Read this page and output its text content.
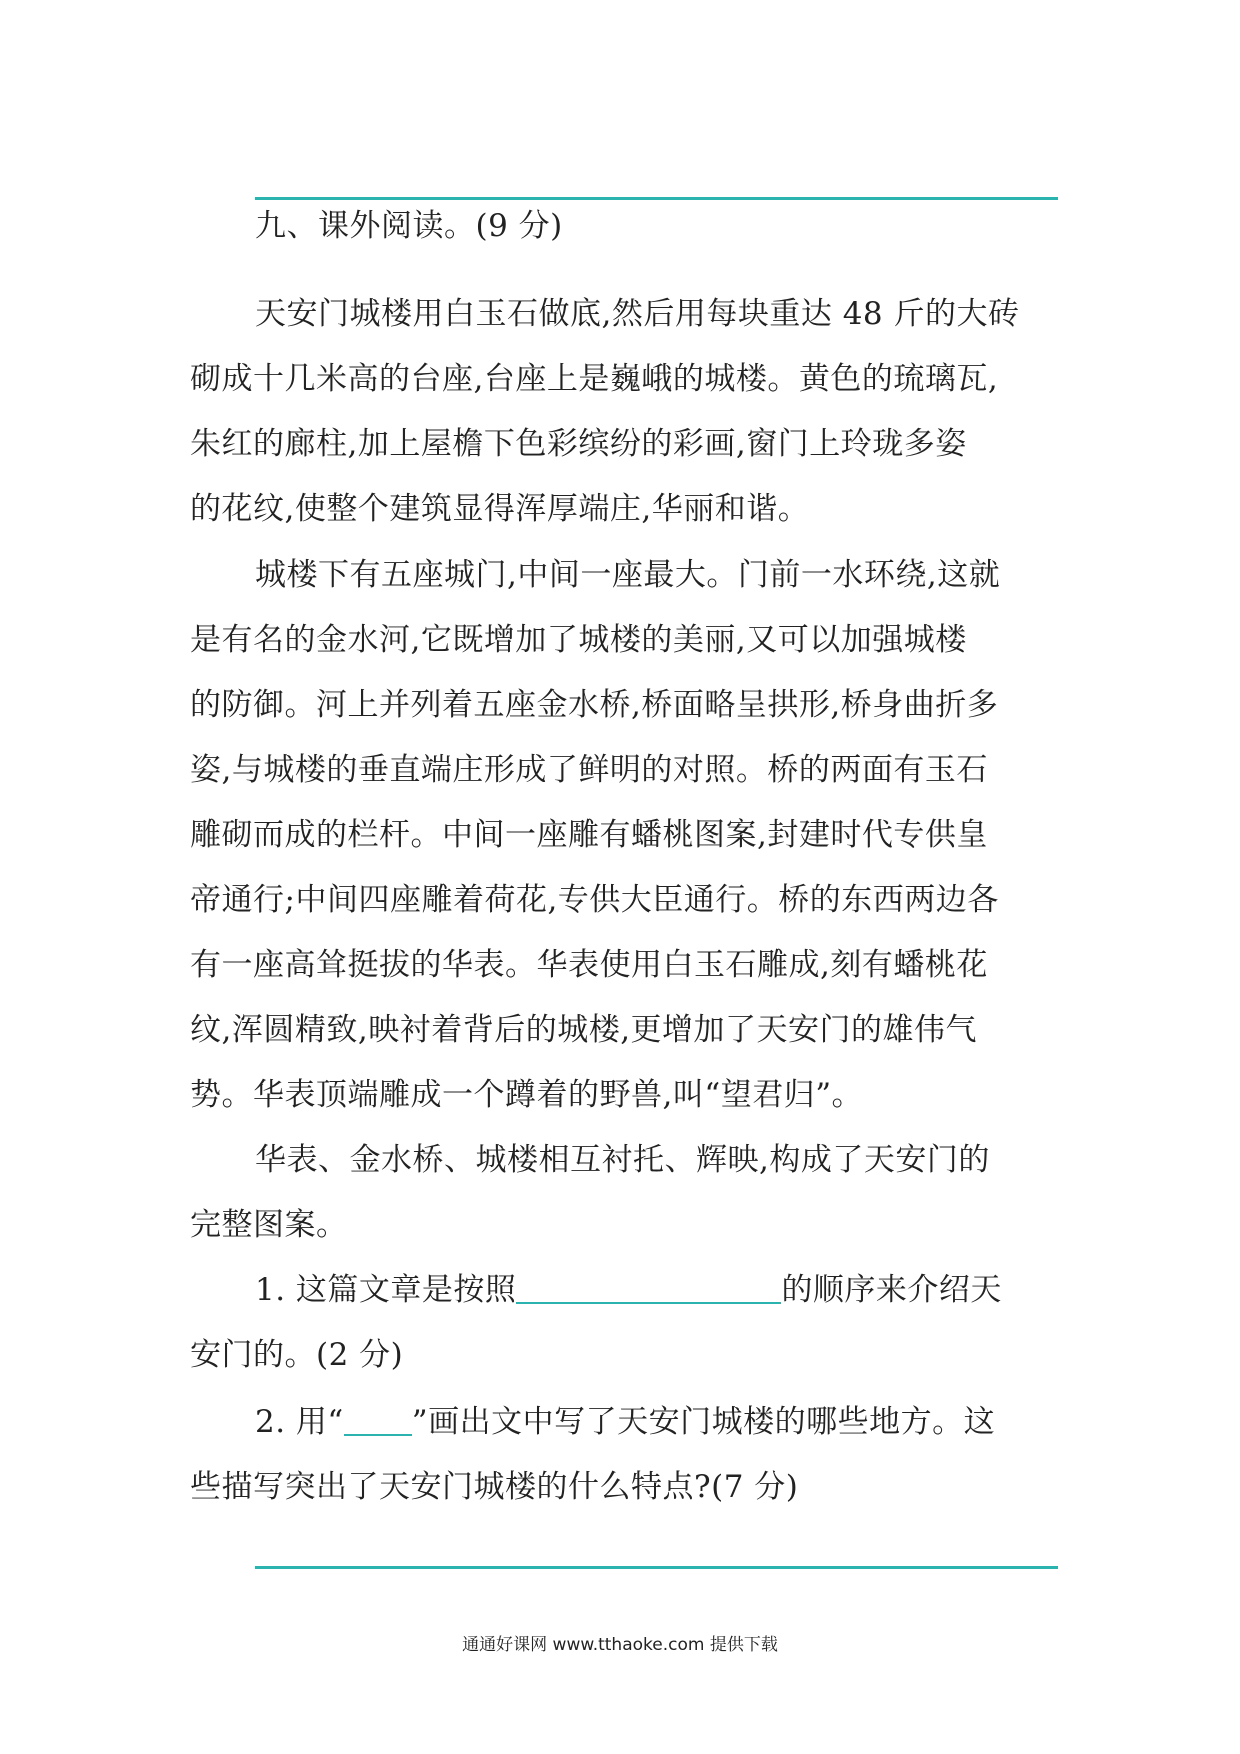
九、课外阅读。(9 分)
天安门城楼用白玉石做底,然后用每块重达 48 斤的大砖
砌成十几米高的台座,台座上是巍峨的城楼。黄色的琉璃瓦,
朱红的廊柱,加上屋檐下色彩缤纷的彩画,窗门上玲珑多姿
的花纹,使整个建筑显得浑厚端庄,华丽和谐。
城楼下有五座城门,中间一座最大。门前一水环绕,这就
是有名的金水河,它既增加了城楼的美丽,又可以加强城楼
的防御。河上并列着五座金水桥,桥面略呈拱形,桥身曲折多
姿,与城楼的垂直端庄形成了鲜明的对照。桥的两面有玉石
雕砌而成的栏杆。中间一座雕有蟠桃图案,封建时代专供皇
帝通行;中间四座雕着荷花,专供大臣通行。桥的东西两边各
有一座高耸挺拔的华表。华表使用白玉石雕成,刻有蟠桃花
纹,浑圆精致,映衬着背后的城楼,更增加了天安门的雄伟气
势。华表顶端雕成一个蹲着的野兽,叫“望君归”。
华表、金水桥、城楼相互衬托、辉映,构成了天安门的
完整图案。
1. 这篇文章是按照	的顺序来介绍天
安门的。(2 分)
2. 用“ ”画出文中写了天安门城楼的哪些地方。这
些描写突出了天安门城楼的什么特点?(7 分)
通通好课网 www.tthaoke.com 提供下载
